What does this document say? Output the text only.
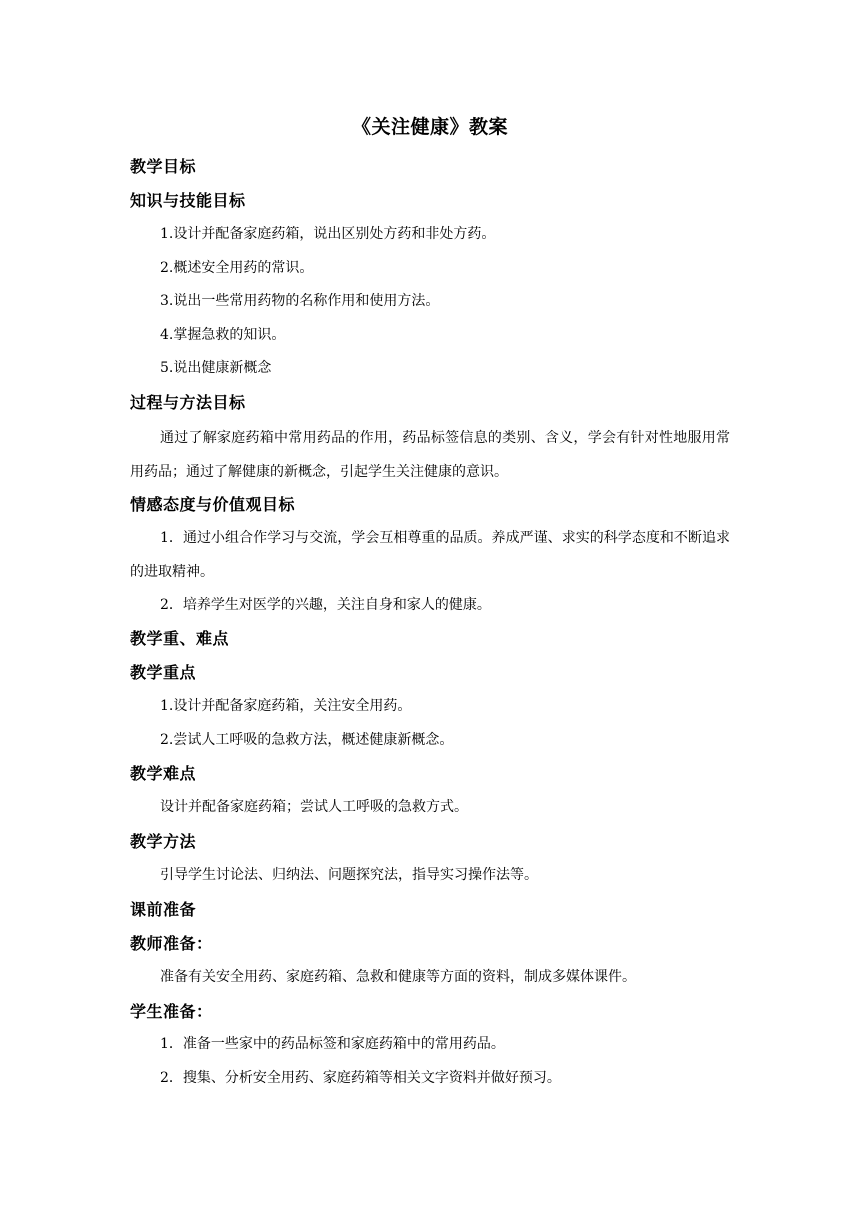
《关注健康》教案
教学目标
知识与技能目标
1.设计并配备家庭药箱，说出区别处方药和非处方药。
2.概述安全用药的常识。
3.说出一些常用药物的名称作用和使用方法。
4.掌握急救的知识。
5.说出健康新概念
过程与方法目标
通过了解家庭药箱中常用药品的作用，药品标签信息的类别、含义，学会有针对性地服用常用药品；通过了解健康的新概念，引起学生关注健康的意识。
情感态度与价值观目标
1．通过小组合作学习与交流，学会互相尊重的品质。养成严谨、求实的科学态度和不断追求的进取精神。
2．培养学生对医学的兴趣，关注自身和家人的健康。
教学重、难点
教学重点
1.设计并配备家庭药箱，关注安全用药。
2.尝试人工呼吸的急救方法，概述健康新概念。
教学难点
设计并配备家庭药箱；尝试人工呼吸的急救方式。
教学方法
引导学生讨论法、归纳法、问题探究法，指导实习操作法等。
课前准备
教师准备：
准备有关安全用药、家庭药箱、急救和健康等方面的资料，制成多媒体课件。
学生准备：
1．准备一些家中的药品标签和家庭药箱中的常用药品。
2．搜集、分析安全用药、家庭药箱等相关文字资料并做好预习。
